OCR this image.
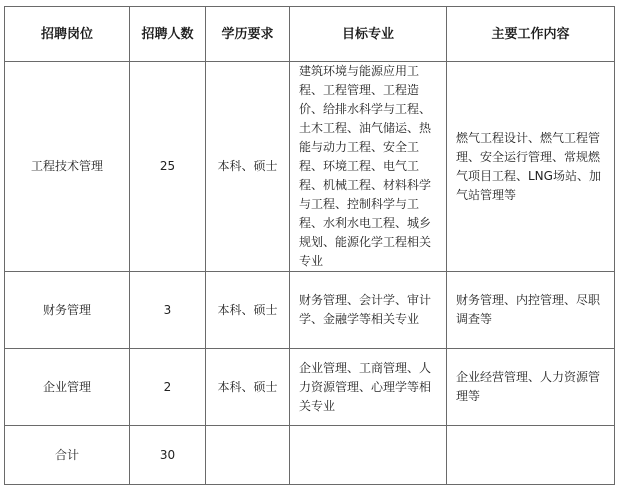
招聘岗位	招聘人数	学历要求	目标专业	主要工作内容
工程技术管理	25	本科、硕士	建筑环境与能源应用工程、工程管理、工程造价、给排水科学与工程、土木工程、油气储运、热能与动力工程、安全工程、环境工程、电气工程、机械工程、材料科学与工程、控制科学与工程、水利水电工程、城乡规划、能源化学工程相关专业	燃气工程设计、燃气工程管理、安全运行管理、常规燃气项目工程、LNG场站、加气站管理等
财务管理	3	本科、硕士	财务管理、会计学、审计学、金融学等相关专业	财务管理、内控管理、尽职调查等
企业管理	2	本科、硕士	企业管理、工商管理、人力资源管理、心理学等相关专业	企业经营管理、人力资源管理等
合计	30			
